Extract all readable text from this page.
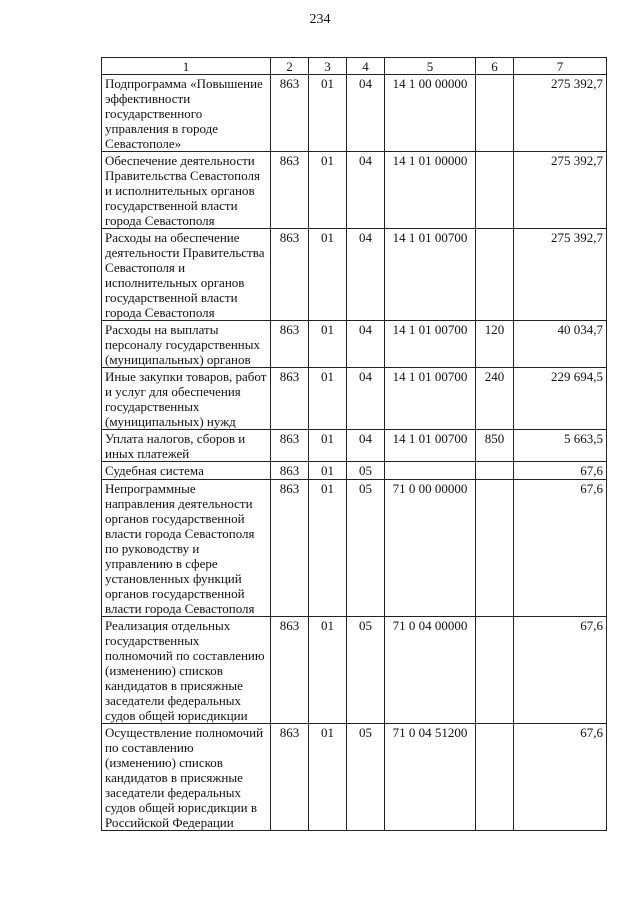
234
1	2	3	4	5	6	7
Подпрограмма «Повышение эффективности государственного управления в городе Севастополе»	863	01	04	14 1 00 00000		275 392,7
Обеспечение деятельности Правительства Севастополя и исполнительных органов государственной власти города Севастополя	863	01	04	14 1 01 00000		275 392,7
Расходы на обеспечение деятельности Правительства Севастополя и исполнительных органов государственной власти города Севастополя	863	01	04	14 1 01 00700		275 392,7
Расходы на выплаты персоналу государственных (муниципальных) органов	863	01	04	14 1 01 00700	120	40 034,7
Иные закупки товаров, работ и услуг для обеспечения государственных (муниципальных) нужд	863	01	04	14 1 01 00700	240	229 694,5
Уплата налогов, сборов и иных платежей	863	01	04	14 1 01 00700	850	5 663,5
Судебная система	863	01	05			67,6
Непрограммные направления деятельности органов государственной власти города Севастополя по руководству и управлению в сфере установленных функций органов государственной власти города Севастополя	863	01	05	71 0 00 00000		67,6
Реализация отдельных государственных полномочий по составлению (изменению) списков кандидатов в присяжные заседатели федеральных судов общей юрисдикции	863	01	05	71 0 04 00000		67,6
Осуществление полномочий по составлению (изменению) списков кандидатов в присяжные заседатели федеральных судов общей юрисдикции в Российской Федерации	863	01	05	71 0 04 51200		67,6
